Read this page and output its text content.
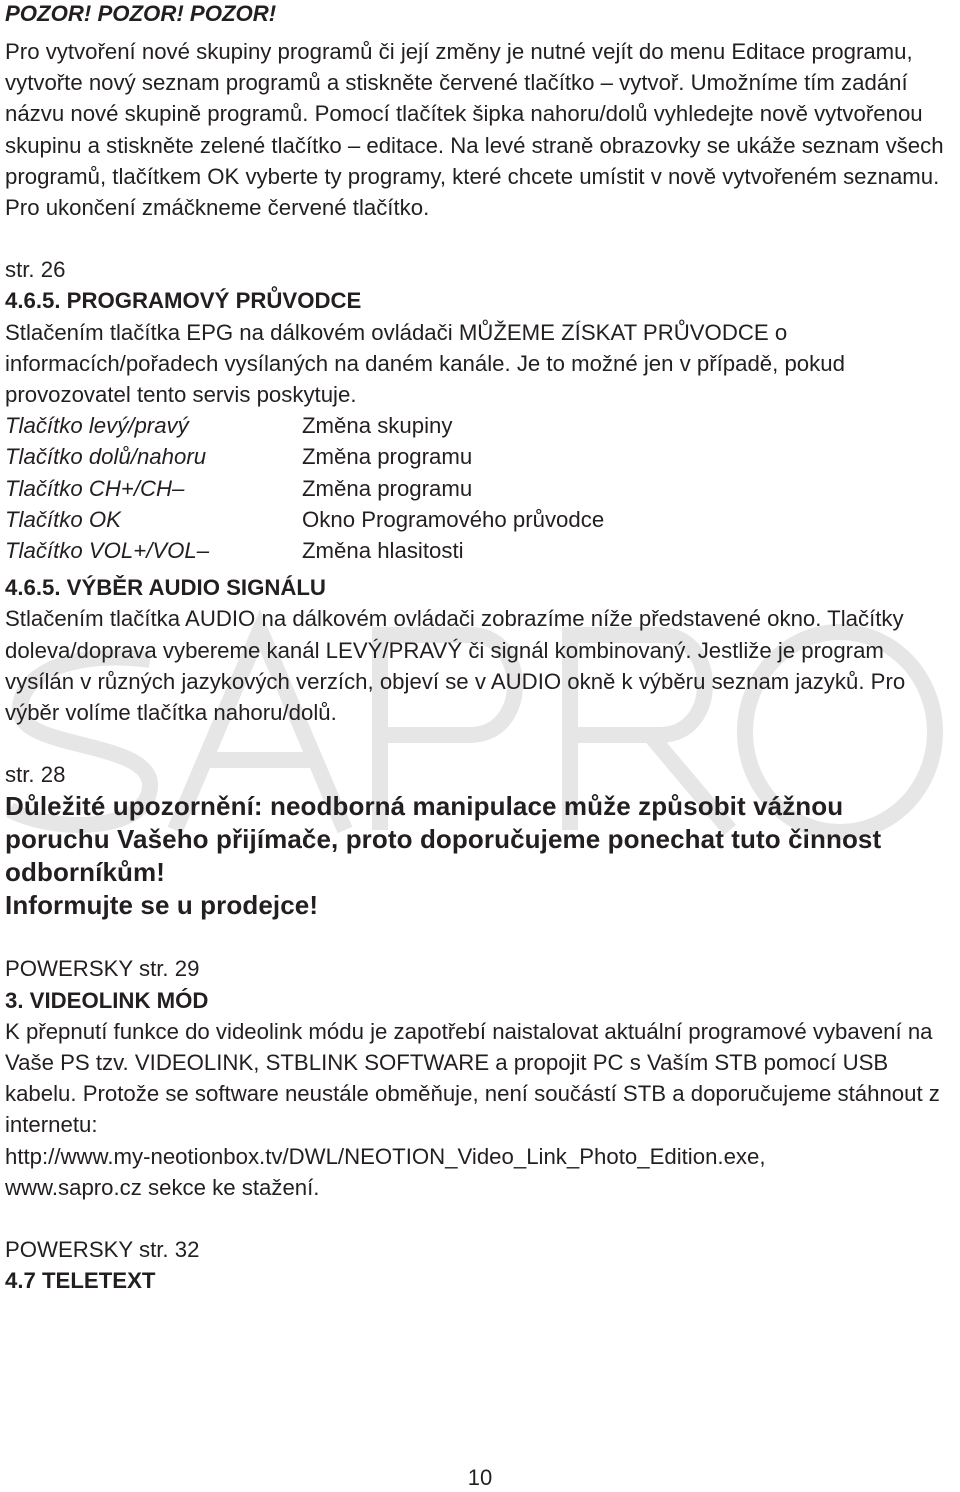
POZOR! POZOR! POZOR!

Pro vytvoření nové skupiny programů či její změny je nutné vejít do menu Editace programu, vytvořte nový seznam programů a stiskněte červené tlačítko – vytvoř. Umožníme tím zadání názvu nové skupině programů. Pomocí tlačítek šipka nahoru/dolů vyhledejte nově vytvořenou skupinu a stiskněte zelené tlačítko – editace. Na levé straně obrazovky se ukáže seznam všech programů, tlačítkem OK vyberte ty programy, které chcete umístit v nově vytvořeném seznamu. Pro ukončení zmáčkneme červené tlačítko.

str. 26

4.6.5. PROGRAMOVÝ PRŮVODCE

Stlačením tlačítka EPG na dálkovém ovládači MŮŽEME ZÍSKAT PRŮVODCE o informacích/pořadech vysílaných na daném kanále. Je to možné jen v případě, pokud provozovatel tento servis poskytuje.

Tlačítko levý/pravý	Změna skupiny
Tlačítko dolů/nahoru	Změna programu
Tlačítko CH+/CH–	Změna programu
Tlačítko OK	Okno Programového průvodce
Tlačítko VOL+/VOL–	Změna hlasitosti

4.6.5. VÝBĚR AUDIO SIGNÁLU

Stlačením tlačítka AUDIO na dálkovém ovládači zobrazíme níže představené okno. Tlačítky doleva/doprava vybereme kanál LEVÝ/PRAVÝ či signál kombinovaný. Jestliže je program vysílán v různých jazykových verzích, objeví se v AUDIO okně k výběru seznam jazyků. Pro výběr volíme tlačítka nahoru/dolů.

str. 28

Důležité upozornění: neodborná manipulace může způsobit vážnou poruchu Vašeho přijímače, proto doporučujeme ponechat tuto činnost odborníkům!

Informujte se u prodejce!

POWERSKY str. 29

3. VIDEOLINK MÓD

K přepnutí funkce do videolink módu je zapotřebí naistalovat aktuální programové vybavení na Vaše PS tzv. VIDEOLINK, STBLINK SOFTWARE a propojit PC s Vaším STB pomocí USB kabelu. Protože se software neustále obměňuje, není součástí STB a doporučujeme stáhnout z internetu:

http://www.my-neotionbox.tv/DWL/NEOTION_Video_Link_Photo_Edition.exe,

www.sapro.cz sekce ke stažení.

POWERSKY str. 32

4.7 TELETEXT

10
